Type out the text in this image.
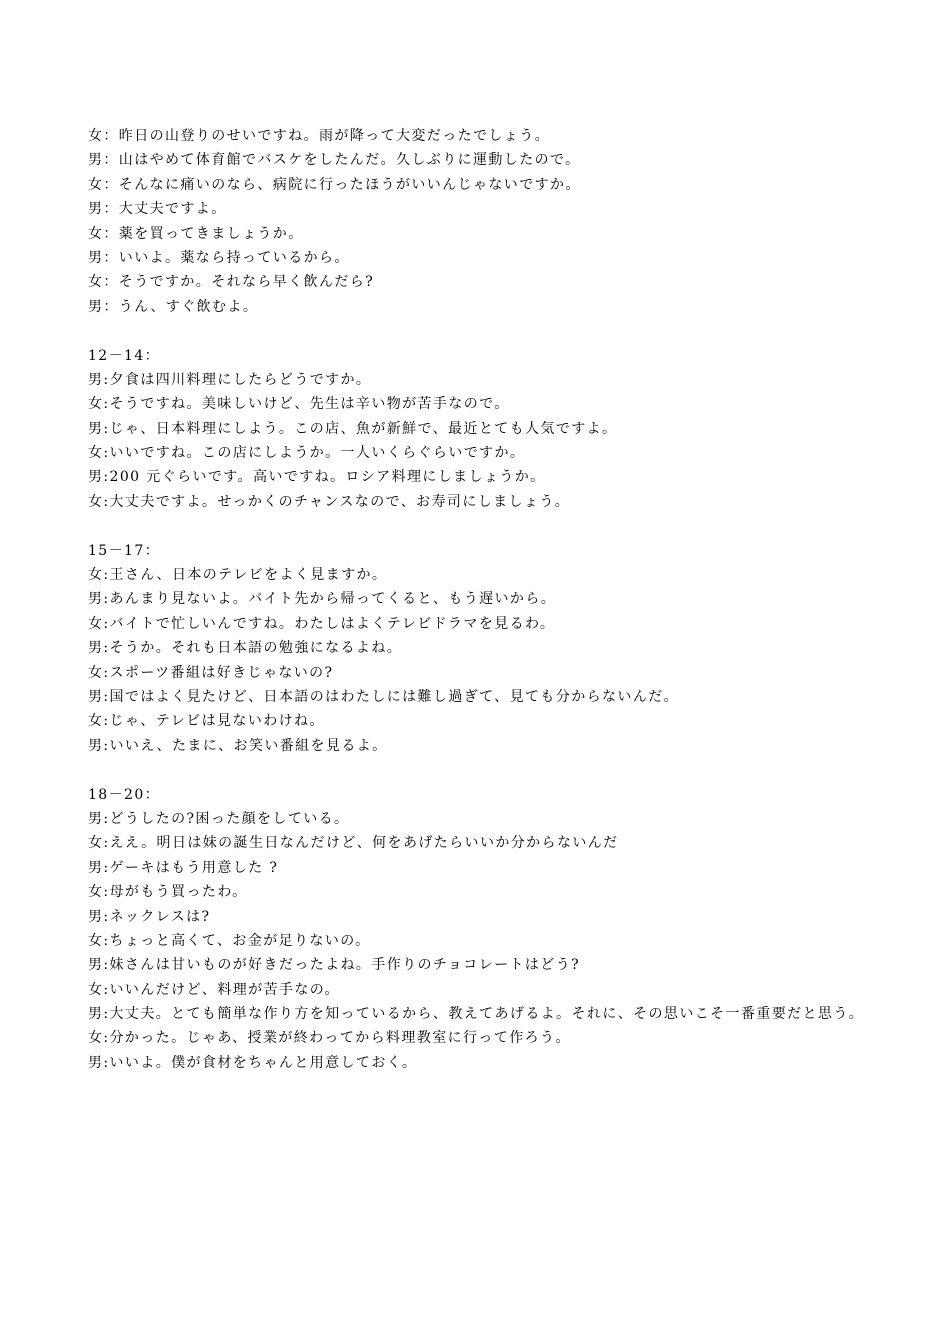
女：昨日の山登りのせいですね。雨が降って大変だったでしょう。
男：山はやめて体育館でバスケをしたんだ。久しぶりに運動したので。
女：そんなに痛いのなら、病院に行ったほうがいいんじゃないですか。
男：大丈夫ですよ。
女：薬を買ってきましょうか。
男：いいよ。薬なら持っているから。
女：そうですか。それなら早く飲んだら?
男：うん、すぐ飲むよ。
12－14：
男:夕食は四川料理にしたらどうですか。
女:そうですね。美味しいけど、先生は辛い物が苦手なので。
男:じゃ、日本料理にしよう。この店、魚が新鮮で、最近とても人気ですよ。
女:いいですね。この店にしようか。一人いくらぐらいですか。
男:200 元ぐらいです。高いですね。ロシア料理にしましょうか。
女:大丈夫ですよ。せっかくのチャンスなので、お寿司にしましょう。
15－17：
女:王さん、日本のテレビをよく見ますか。
男:あんまり見ないよ。バイト先から帰ってくると、もう遅いから。
女:バイトで忙しいんですね。わたしはよくテレビドラマを見るわ。
男:そうか。それも日本語の勉強になるよね。
女:スポーツ番組は好きじゃないの?
男:国ではよく見たけど、日本語のはわたしには難し過ぎて、見ても分からないんだ。
女:じゃ、テレビは見ないわけね。
男:いいえ、たまに、お笑い番組を見るよ。
18－20：
男:どうしたの?困った顔をしている。
女:ええ。明日は妹の誕生日なんだけど、何をあげたらいいか分からないんだ
男:ゲーキはもう用意した ?
女:母がもう買ったわ。
男:ネックレスは?
女:ちょっと高くて、お金が足りないの。
男:妹さんは甘いものが好きだったよね。手作りのチョコレートはどう?
女:いいんだけど、料理が苦手なの。
男:大丈夫。とても簡単な作り方を知っているから、教えてあげるよ。それに、その思いこそ一番重要だと思う。
女:分かった。じゃあ、授業が終わってから料理教室に行って作ろう。
男:いいよ。僕が食材をちゃんと用意しておく。
